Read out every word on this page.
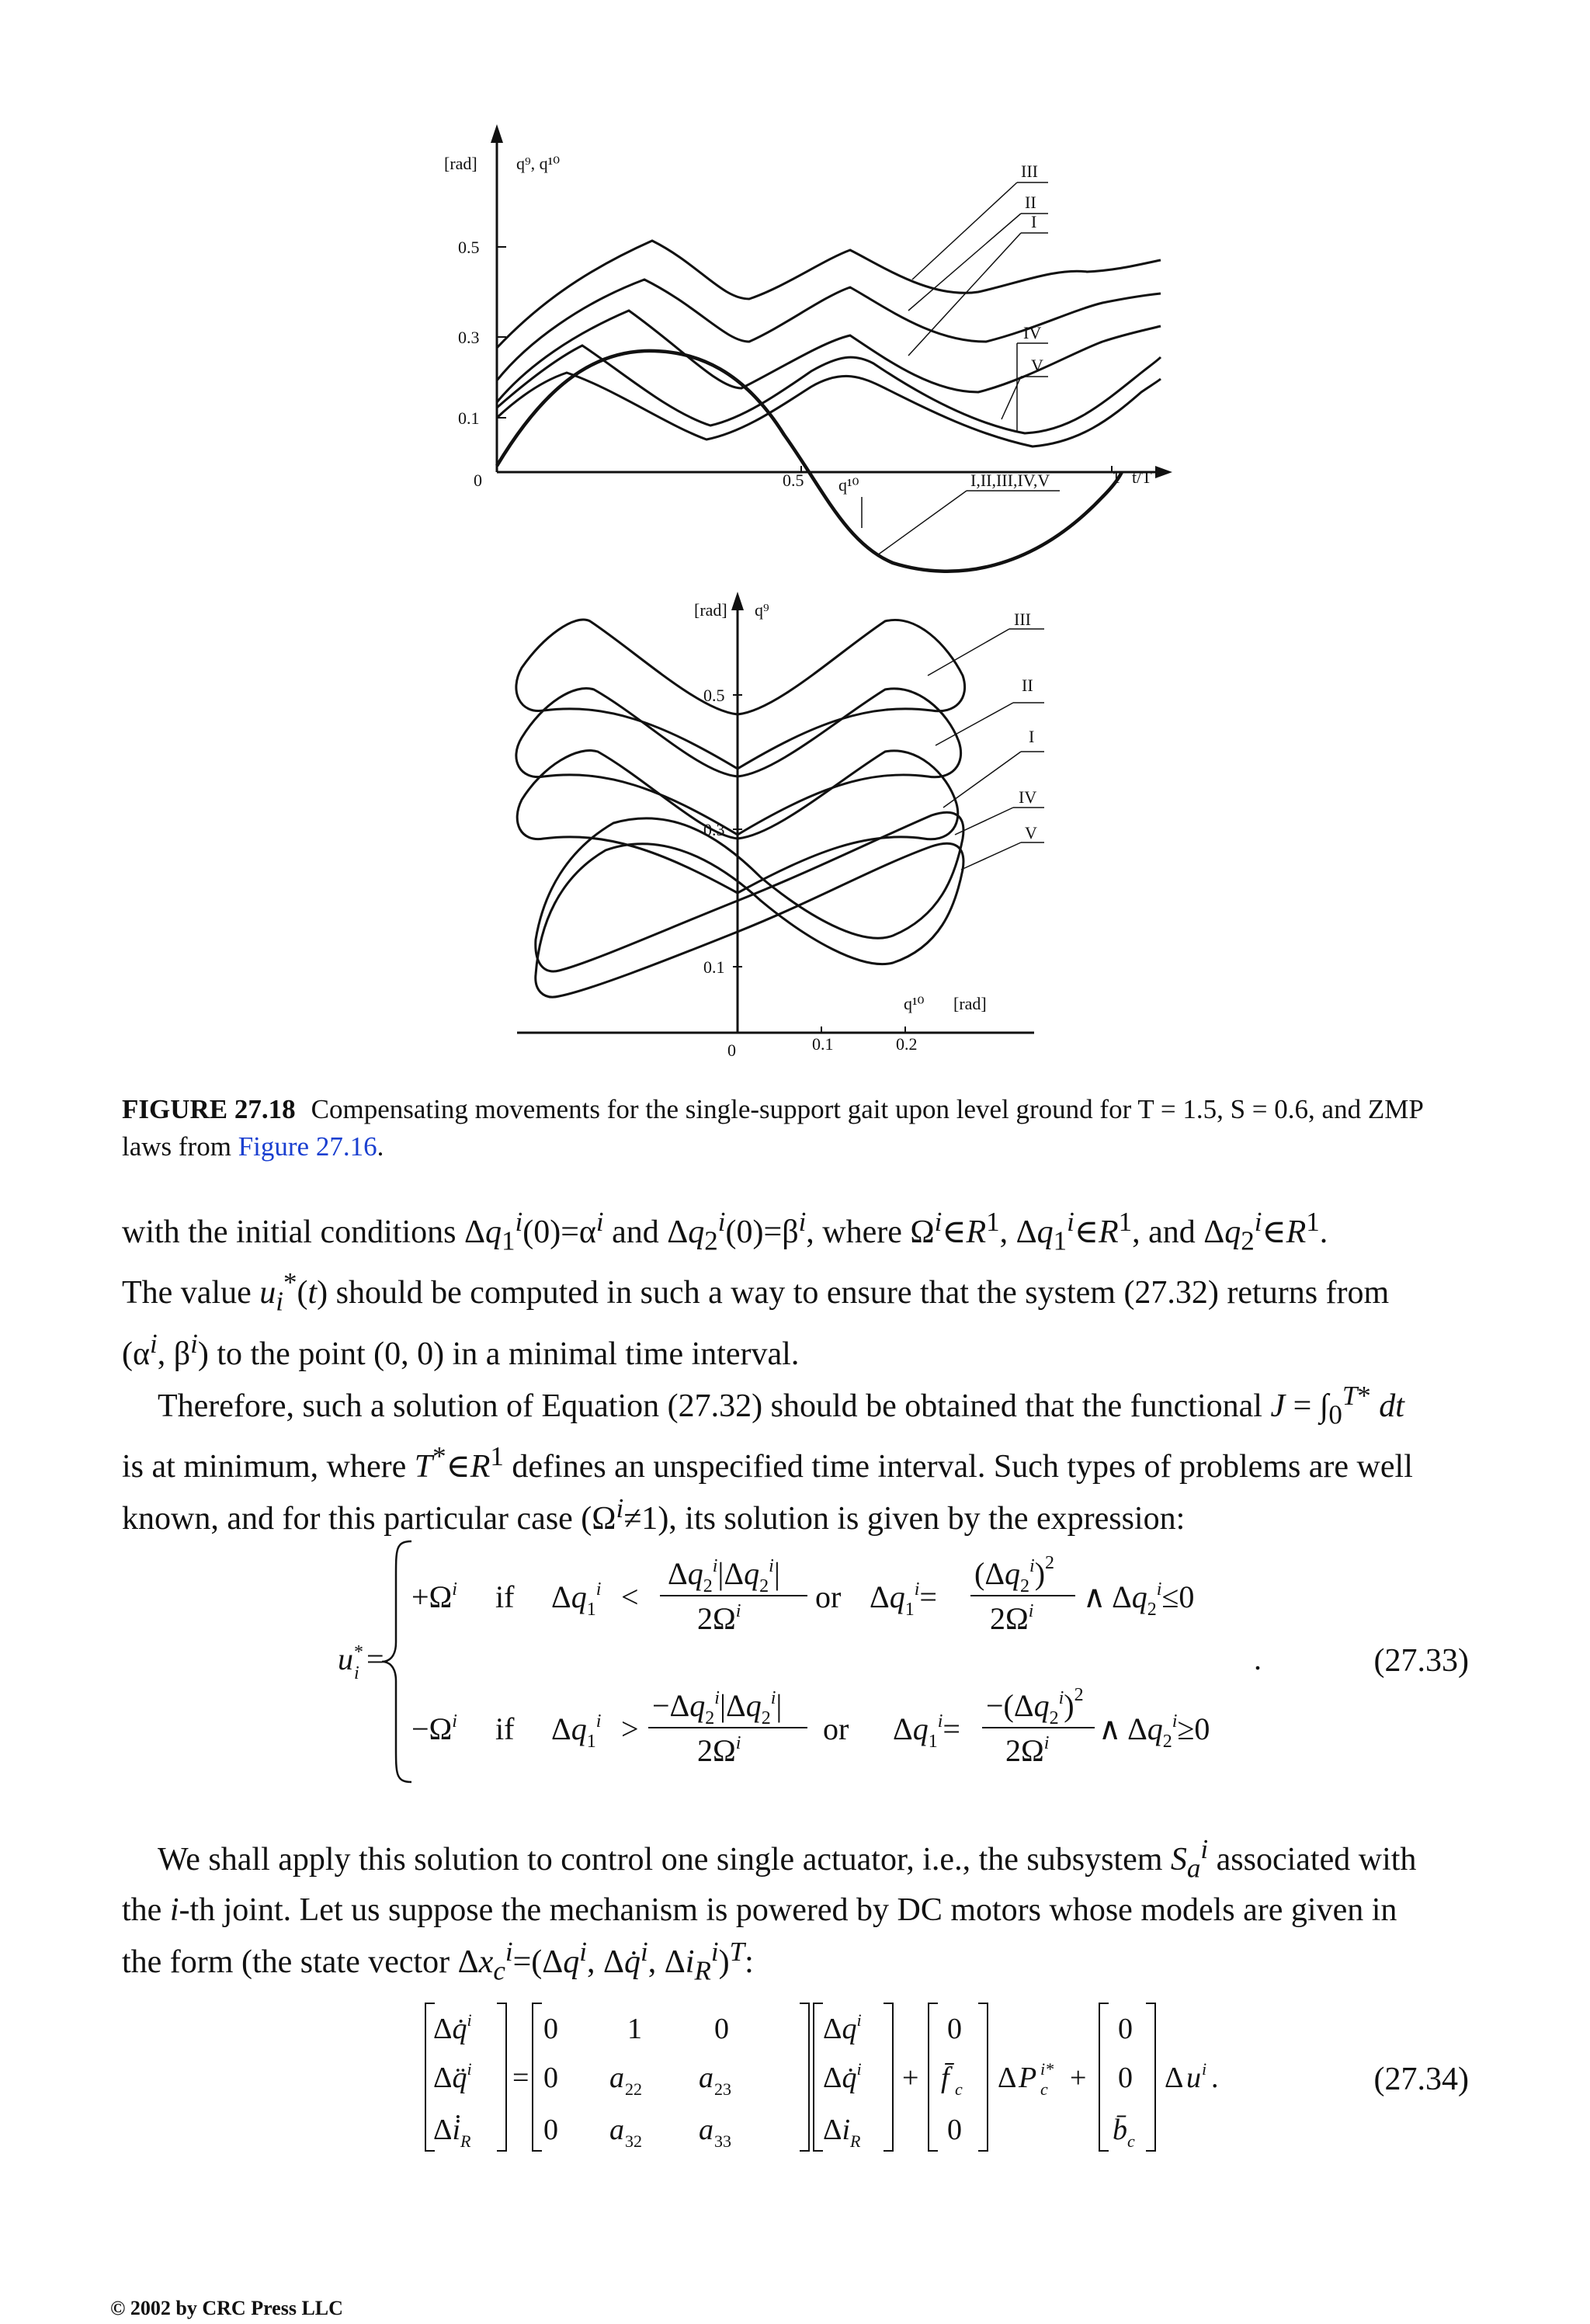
[rad] q⁹, q¹⁰
0.5
0.3
0.1
0	0.5	1 t/T
III
II
I
IV
V
q¹⁰	I,II,III,IV,V
[rad] q⁹
0.5
0.3
0.1
0	0.1	0.2
q¹⁰ [rad]
III
II
I
IV
V
FIGURE 27.18 Compensating movements for the single-support gait upon level ground for T = 1.5, S = 0.6, and ZMP laws from Figure 27.16.

with the initial conditions $\Delta q_1^i(0)=\alpha^i$ and $\Delta q_2^i(0)=\beta^i$, where $\Omega^i\in R^1$, $\Delta q_1^i\in R^1$, and $\Delta q_2^i\in R^1$.

The value $u_i^*(t)$ should be computed in such a way to ensure that the system (27.32) returns from

($\alpha^i$, $\beta^i$) to the point (0, 0) in a minimal time interval.

Therefore, such a solution of Equation (27.32) should be obtained that the functional $J = \int_0^{T*}$ dt

is at minimum, where $T^*\in R^1$ defines an unspecified time interval. Such types of problems are well

known, and for this particular case $(\Omega^i\ne 1)$, its solution is given by the expression:

u i
* =
$+\Omega^i$ if $\Delta q_1^i$ <
$\Delta q_2^i|\Delta q_2^i|$
$2\Omega^i$ or $\Delta q_1^i=$
$(\Delta q_2^i)^2$
$2\Omega^i$ ∧ $\Delta q_2^i\le 0$
$-\Omega^i$ if $\Delta q_1^i$ >
$-\Delta q_2^i|\Delta q_2^i|$
$2\Omega^i$	or $\Delta q_1^i=$
$-(\Delta q_2^i)^2$
$2\Omega^i$ ∧ $\Delta q_2^i\ge 0$
.	(27.33)

We shall apply this solution to control one single actuator, i.e., the subsystem $S_a^i$ associated with

the i-th joint. Let us suppose the mechanism is powered by DC motors whose models are given in

the form (the state vector $\Delta x_c^i=(\Delta q^i$, Δq̇$^i$, $\Delta i_R^i)^T$:

Δq̇$^i$
Δq̈$^i$
$\Delta i̇_R$
=
0 1 0
0 a 22 a 23
0 a 32 a 33
$\Delta q^i$
Δq̇$^i$
$\Delta i_R$
+
0
f̄ c
0
Δ P c
i* +
0
0
b̄ c
Δ u i .	(27.34)
© 2002 by CRC Press LLC
